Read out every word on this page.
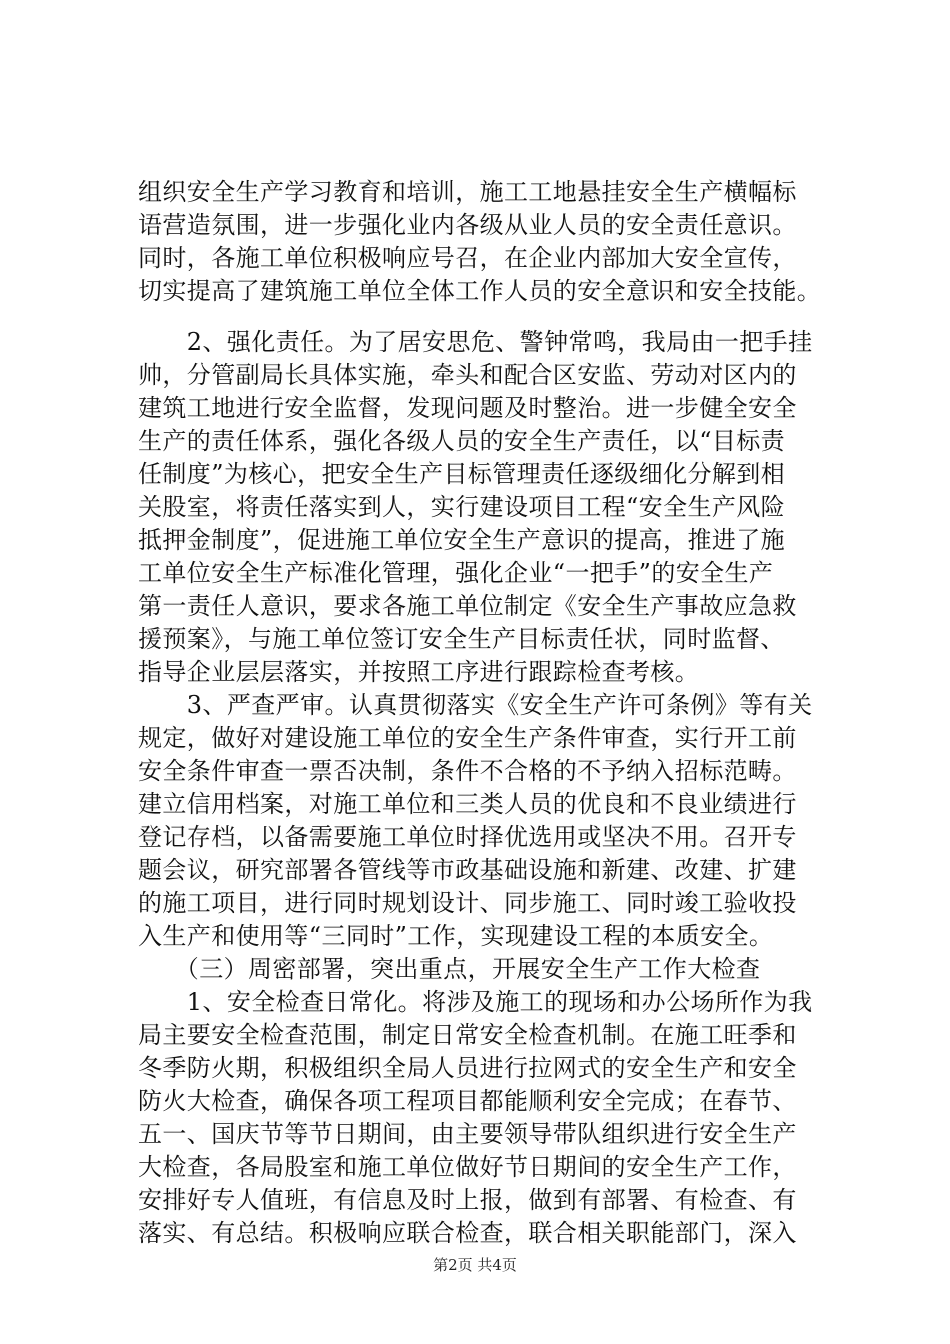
组织安全生产学习教育和培训，施工工地悬挂安全生产横幅标
语营造氛围，进一步强化业内各级从业人员的安全责任意识。
同时，各施工单位积极响应号召，在企业内部加大安全宣传，
切实提高了建筑施工单位全体工作人员的安全意识和安全技能。
　　2、强化责任。为了居安思危、警钟常鸣，我局由一把手挂
帅，分管副局长具体实施，牵头和配合区安监、劳动对区内的
建筑工地进行安全监督，发现问题及时整治。进一步健全安全
生产的责任体系，强化各级人员的安全生产责任，以“目标责
任制度”为核心，把安全生产目标管理责任逐级细化分解到相
关股室，将责任落实到人，实行建设项目工程“安全生产风险
抵押金制度”，促进施工单位安全生产意识的提高，推进了施
工单位安全生产标准化管理，强化企业“一把手”的安全生产
第一责任人意识，要求各施工单位制定《安全生产事故应急救
援预案》，与施工单位签订安全生产目标责任状，同时监督、
指导企业层层落实，并按照工序进行跟踪检查考核。
　　3、严查严审。认真贯彻落实《安全生产许可条例》等有关
规定，做好对建设施工单位的安全生产条件审查，实行开工前
安全条件审查一票否决制，条件不合格的不予纳入招标范畴。
建立信用档案，对施工单位和三类人员的优良和不良业绩进行
登记存档，以备需要施工单位时择优选用或坚决不用。召开专
题会议，研究部署各管线等市政基础设施和新建、改建、扩建
的施工项目，进行同时规划设计、同步施工、同时竣工验收投
入生产和使用等“三同时”工作，实现建设工程的本质安全。
　　（三）周密部署，突出重点，开展安全生产工作大检查
　　1、安全检查日常化。将涉及施工的现场和办公场所作为我
局主要安全检查范围，制定日常安全检查机制。在施工旺季和
冬季防火期，积极组织全局人员进行拉网式的安全生产和安全
防火大检查，确保各项工程项目都能顺利安全完成；在春节、
五一、国庆节等节日期间，由主要领导带队组织进行安全生产
大检查，各局股室和施工单位做好节日期间的安全生产工作，
安排好专人值班，有信息及时上报，做到有部署、有检查、有
落实、有总结。积极响应联合检查，联合相关职能部门，深入
第2页 共4页
